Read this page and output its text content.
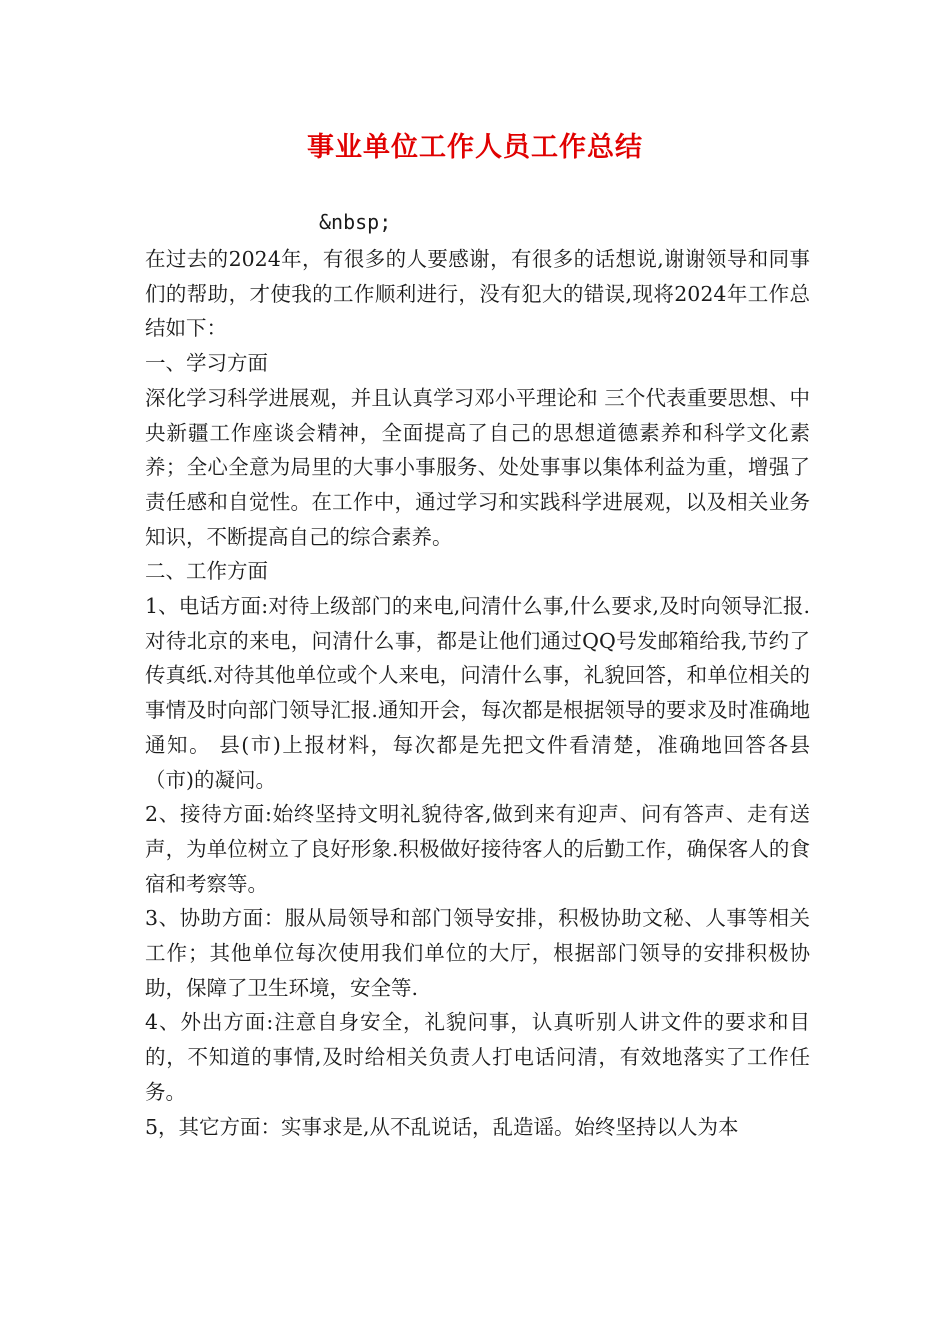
事业单位工作人员工作总结
&nbsp;

在过去的2024年，有很多的人要感谢，有很多的话想说,谢谢领导和同事们的帮助，才使我的工作顺利进行，没有犯大的错误,现将2024年工作总结如下：

一、学习方面

深化学习科学进展观，并且认真学习邓小平理论和 三个代表重要思想、中央新疆工作座谈会精神，全面提高了自己的思想道德素养和科学文化素养；全心全意为局里的大事小事服务、处处事事以集体利益为重，增强了责任感和自觉性。在工作中，通过学习和实践科学进展观，以及相关业务知识，不断提高自己的综合素养。

二、工作方面

1、电话方面:对待上级部门的来电,问清什么事,什么要求,及时向领导汇报.对待北京的来电，问清什么事，都是让他们通过QQ号发邮箱给我,节约了传真纸.对待其他单位或个人来电，问清什么事，礼貌回答，和单位相关的事情及时向部门领导汇报.通知开会，每次都是根据领导的要求及时准确地通知。 县(市)上报材料，每次都是先把文件看清楚，准确地回答各县（市)的凝问。

2、接待方面:始终坚持文明礼貌待客,做到来有迎声、问有答声、走有送声，为单位树立了良好形象.积极做好接待客人的后勤工作，确保客人的食宿和考察等。

3、协助方面：服从局领导和部门领导安排，积极协助文秘、人事等相关工作；其他单位每次使用我们单位的大厅，根据部门领导的安排积极协助，保障了卫生环境，安全等.

4、外出方面:注意自身安全，礼貌问事，认真听别人讲文件的要求和目的，不知道的事情,及时给相关负责人打电话问清，有效地落实了工作任务。

5，其它方面：实事求是,从不乱说话，乱造谣。始终坚持以人为本
